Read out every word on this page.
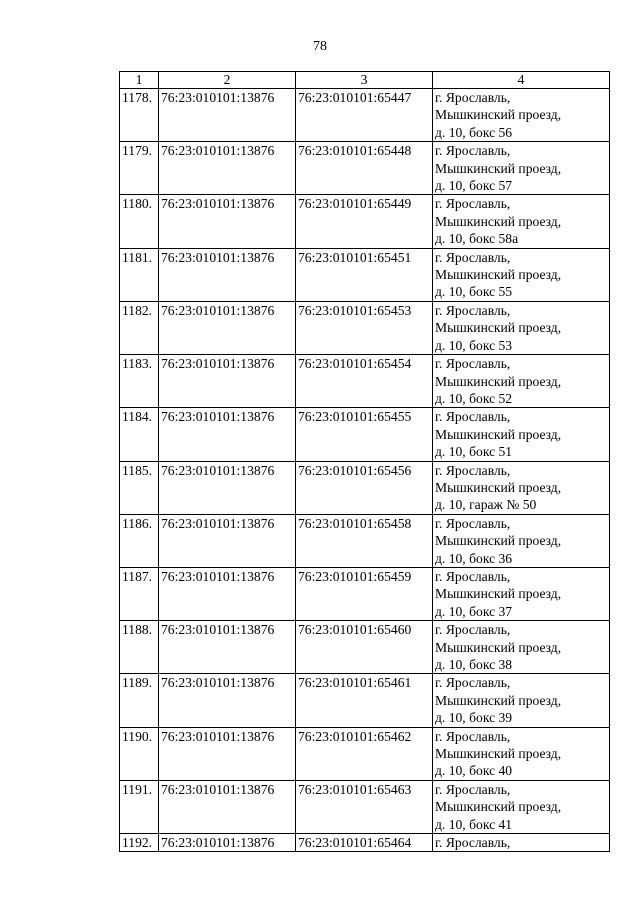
78
1	2	3	4
1178.	76:23:010101:13876	76:23:010101:65447	г. Ярославль,
Мышкинский проезд,
д. 10, бокс 56

1179.	76:23:010101:13876	76:23:010101:65448	г. Ярославль,
Мышкинский проезд,
д. 10, бокс 57

1180.	76:23:010101:13876	76:23:010101:65449	г. Ярославль,
Мышкинский проезд,
д. 10, бокс 58а

1181.	76:23:010101:13876	76:23:010101:65451	г. Ярославль,
Мышкинский проезд,
д. 10, бокс 55

1182.	76:23:010101:13876	76:23:010101:65453	г. Ярославль,
Мышкинский проезд,
д. 10, бокс 53

1183.	76:23:010101:13876	76:23:010101:65454	г. Ярославль,
Мышкинский проезд,
д. 10, бокс 52

1184.	76:23:010101:13876	76:23:010101:65455	г. Ярославль,
Мышкинский проезд,
д. 10, бокс 51

1185.	76:23:010101:13876	76:23:010101:65456	г. Ярославль,
Мышкинский проезд,
д. 10, гараж № 50

1186.	76:23:010101:13876	76:23:010101:65458	г. Ярославль,
Мышкинский проезд,
д. 10, бокс 36

1187.	76:23:010101:13876	76:23:010101:65459	г. Ярославль,
Мышкинский проезд,
д. 10, бокс 37

1188.	76:23:010101:13876	76:23:010101:65460	г. Ярославль,
Мышкинский проезд,
д. 10, бокс 38

1189.	76:23:010101:13876	76:23:010101:65461	г. Ярославль,
Мышкинский проезд,
д. 10, бокс 39

1190.	76:23:010101:13876	76:23:010101:65462	г. Ярославль,
Мышкинский проезд,
д. 10, бокс 40

1191.	76:23:010101:13876	76:23:010101:65463	г. Ярославль,
Мышкинский проезд,
д. 10, бокс 41

1192.	76:23:010101:13876	76:23:010101:65464	г. Ярославль,
